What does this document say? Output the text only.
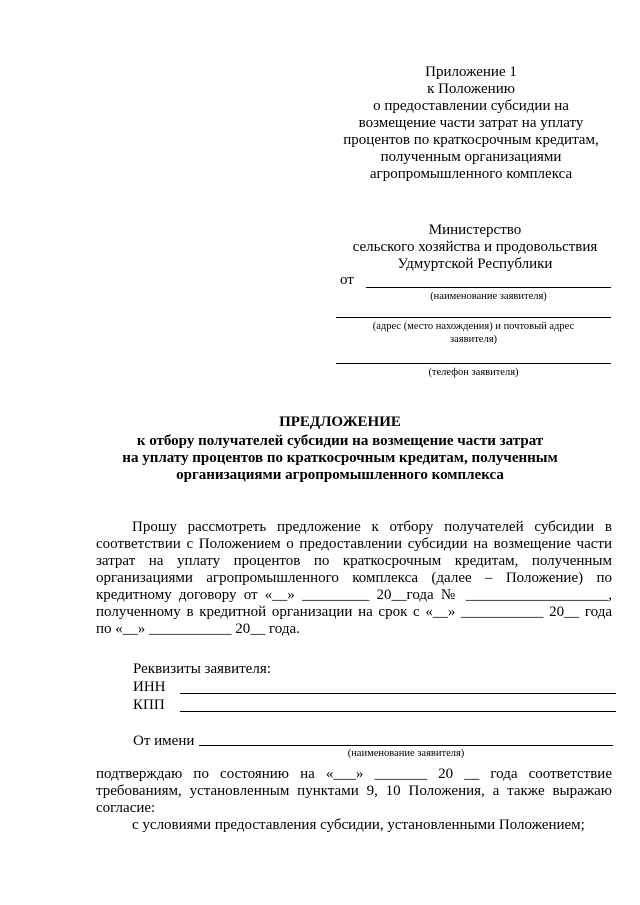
Приложение 1
к Положению
о предоставлении субсидии на
возмещение части затрат на уплату
процентов по краткосрочным кредитам,
полученным организациями
агропромышленного комплекса
Министерство
сельского хозяйства и продовольствия
Удмуртской Республики
от
(наименование заявителя)
(адрес (место нахождения) и почтовый адрес
заявителя)
(телефон заявителя)
ПРЕДЛОЖЕНИЕ
к отбору получателей субсидии на возмещение части затрат
на уплату процентов по краткосрочным кредитам, полученным
организациями агропромышленного комплекса
Прошу рассмотреть предложение к отбору получателей субсидии в
соответствии с Положением о предоставлении субсидии на возмещение части
затрат на уплату процентов по краткосрочным кредитам, полученным
организациями агропромышленного комплекса (далее – Положение) по
кредитному договору от «__» _________ 20__года № ___________________,
полученному в кредитной организации на срок с «__» ___________ 20__ года
по «__» ___________ 20__ года.
Реквизиты заявителя:
ИНН
КПП
От имени
(наименование заявителя)
подтверждаю по состоянию на «___» _______ 20 __ года соответствие
требованиям, установленным пунктами 9, 10 Положения, а также выражаю
согласие:
с условиями предоставления субсидии, установленными Положением;
